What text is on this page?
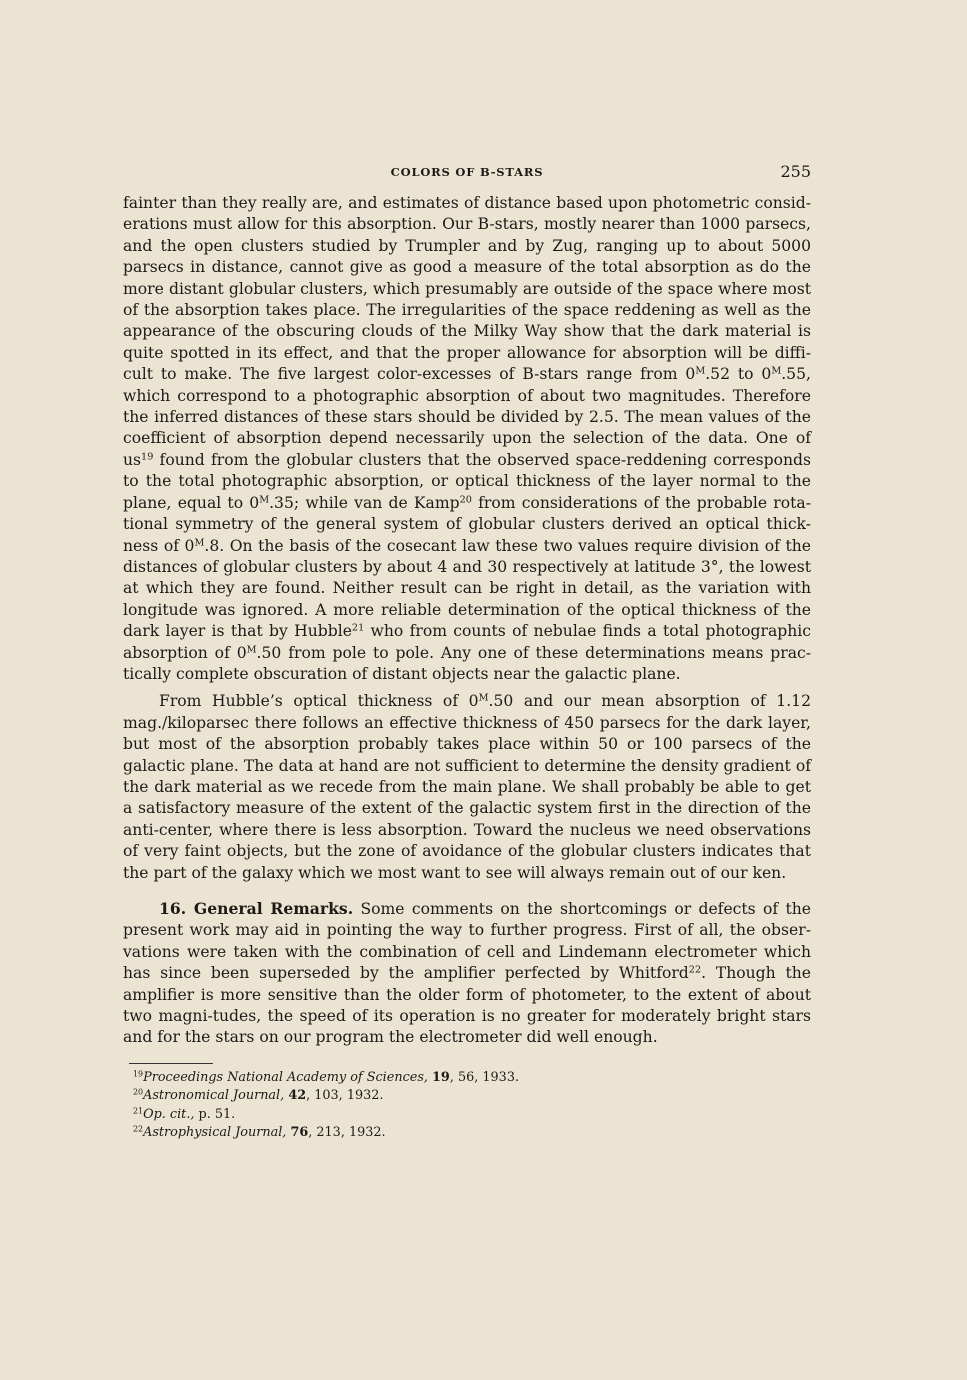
COLORS OF B-STARS	255

fainter than they really are, and estimates of distance based upon photometric consid-erations must allow for this absorption. Our B-stars, mostly nearer than 1000 parsecs, and the open clusters studied by Trumpler and by Zug, ranging up to about 5000 parsecs in distance, cannot give as good a measure of the total absorption as do the more distant globular clusters, which presumably are outside of the space where most of the absorption takes place. The irregularities of the space reddening as well as the appearance of the obscuring clouds of the Milky Way show that the dark material is quite spotted in its effect, and that the proper allowance for absorption will be diffi-cult to make. The five largest color-excesses of B-stars range from $0^M.52$ to $0^M.55$, which correspond to a photographic absorption of about two magnitudes. Therefore the inferred distances of these stars should be divided by 2.5. The mean values of the coefficient of absorption depend necessarily upon the selection of the data. One of $us^{19}$ found from the globular clusters that the observed space-reddening corresponds to the total photographic absorption, or optical thickness of the layer normal to the plane, equal to $0^M.35$; while van de Kamp$^{20}$ from considerations of the probable rota-tional symmetry of the general system of globular clusters derived an optical thick-ness of $0^M.8$. On the basis of the cosecant law these two values require division of the distances of globular clusters by about 4 and 30 respectively at latitude 3°, the lowest at which they are found. Neither result can be right in detail, as the variation with longitude was ignored. A more reliable determination of the optical thickness of the dark layer is that by Hubble$^{21}$ who from counts of nebulae finds a total photographic absorption of $0^M.50$ from pole to pole. Any one of these determinations means prac-tically complete obscuration of distant objects near the galactic plane.

From Hubble’s optical thickness of $0^M.50$ and our mean absorption of 1.12 mag./kiloparsec there follows an effective thickness of 450 parsecs for the dark layer, but most of the absorption probably takes place within 50 or 100 parsecs of the galactic plane. The data at hand are not sufficient to determine the density gradient of the dark material as we recede from the main plane. We shall probably be able to get a satisfactory measure of the extent of the galactic system first in the direction of the anti-center, where there is less absorption. Toward the nucleus we need observations of very faint objects, but the zone of avoidance of the globular clusters indicates that the part of the galaxy which we most want to see will always remain out of our ken.

16. General Remarks. Some comments on the shortcomings or defects of the present work may aid in pointing the way to further progress. First of all, the obser-vations were taken with the combination of cell and Lindemann electrometer which has since been superseded by the amplifier perfected by Whitford$^{22}$. Though the amplifier is more sensitive than the older form of photometer, to the extent of about two magni-tudes, the speed of its operation is no greater for moderately bright stars and for the stars on our program the electrometer did well enough.

$^{19}$Proceedings National Academy of Sciences, 19, 56, 1933.
$^{20}$Astronomical Journal, 42, 103, 1932.
$^{21}$Op. cit., p. 51.
$^{22}$Astrophysical Journal, 76, 213, 1932.
